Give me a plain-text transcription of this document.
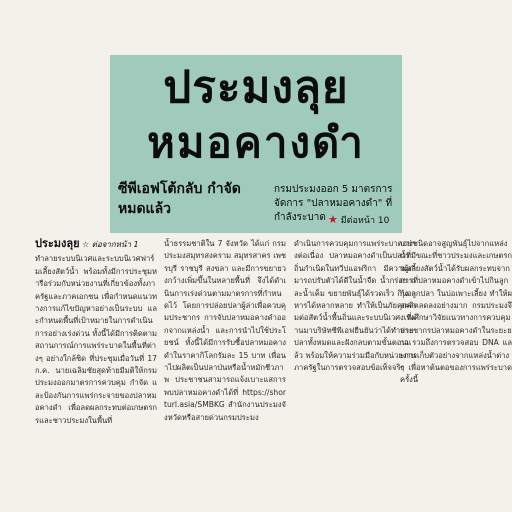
ประมงลุย
หมอคางดำ
ซีพีเอฟโต้กลับ กำจัดหมดแล้ว
กรมประมงออก 5 มาตรการ จัดการ "ปลาหมอคางดำ" ที่กำลังระบาด ★ มีต่อหน้า 10
ประมงลุย ☆ ต่อจากหน้า 1
ทำลายระบบนิเวศและระบบนิเวศฟาร์มเลี้ยงสัตว์น้ำ พร้อมทั้งมีการประชุมหารือร่วมกับหน่วยงานที่เกี่ยวข้องทั้งภาครัฐและภาคเอกชน เพื่อกำหนดแนวทางการแก้ไขปัญหาอย่างเป็นระบบ และกำหนดพื้นที่เป้าหมายในการดำเนินการอย่างเร่งด่วน ทั้งนี้ได้มีการติดตามสถานการณ์การแพร่ระบาดในพื้นที่ต่างๆ อย่างใกล้ชิด ที่ประชุมเมื่อวันที่ 17 ก.ค. นายเฉลิมชัยสุดท้ายมีมติให้กรมประมงออกมาตรการควบคุม กำจัด และป้องกันการแพร่กระจายของปลาหมอคางดำ เพื่อลดผลกระทบต่อเกษตรกรและชาวประมงในพื้นที่
น้ำธรรมชาติใน 7 จังหวัด ได้แก่ กรมประมงสมุทรสงคราม สมุทรสาคร เพชรบุรี ราชบุรี สงขลา และมีการขยายวงกว้างเพิ่มขึ้นในหลายพื้นที่ จึงได้ดำเนินการเร่งด่วนตามมาตรการที่กำหนดไว้ โดยการปล่อยปลาผู้ล่าเพื่อควบคุมประชากร การจับปลาหมอคางดำออกจากแหล่งน้ำ และการนำไปใช้ประโยชน์ ทั้งนี้ได้มีการรับซื้อปลาหมอคางดำในราคากิโลกรัมละ 15 บาท เพื่อนำไปผลิตเป็นปลาป่นหรือน้ำหมักชีวภาพ ประชาชนสามารถแจ้งเบาะแสการพบปลาหมอคางดำได้ที่ https://shorturl.asia/SMBKG สำนักงานประมงจังหวัดหรือสายด่วนกรมประมง
ดำเนินการควบคุมการแพร่ระบาดอย่างต่อเนื่อง ปลาหมอคางดำเป็นปลาที่มีถิ่นกำเนิดในทวีปแอฟริกา มีความสามารถปรับตัวได้ดีในน้ำจืด น้ำกร่อย และน้ำเค็ม ขยายพันธุ์ได้รวดเร็ว กินอาหารได้หลากหลาย ทำให้เป็นภัยคุกคามต่อสัตว์น้ำพื้นถิ่นและระบบนิเวศ ที่ผ่านมาบริษัทซีพีเอฟยืนยันว่าได้ทำลายปลาทั้งหมดและฝังกลบตามขั้นตอนแล้ว พร้อมให้ความร่วมมือกับหน่วยงานภาครัฐในการตรวจสอบข้อเท็จจริง
บางชนิดอาจสูญพันธุ์ไปจากแหล่งน้ำ ขณะที่ชาวประมงและเกษตรกรผู้เลี้ยงสัตว์น้ำได้รับผลกระทบจากการที่ปลาหมอคางดำเข้าไปกินลูกกุ้ง ลูกปลา ในบ่อเพาะเลี้ยง ทำให้ผลผลิตลดลงอย่างมาก กรมประมงจึงเร่งศึกษาวิจัยแนวทางการควบคุมประชากรปลาหมอคางดำในระยะยาว รวมถึงการตรวจสอบ DNA และการเก็บตัวอย่างจากแหล่งน้ำต่างๆ เพื่อหาต้นตอของการแพร่ระบาดครั้งนี้
